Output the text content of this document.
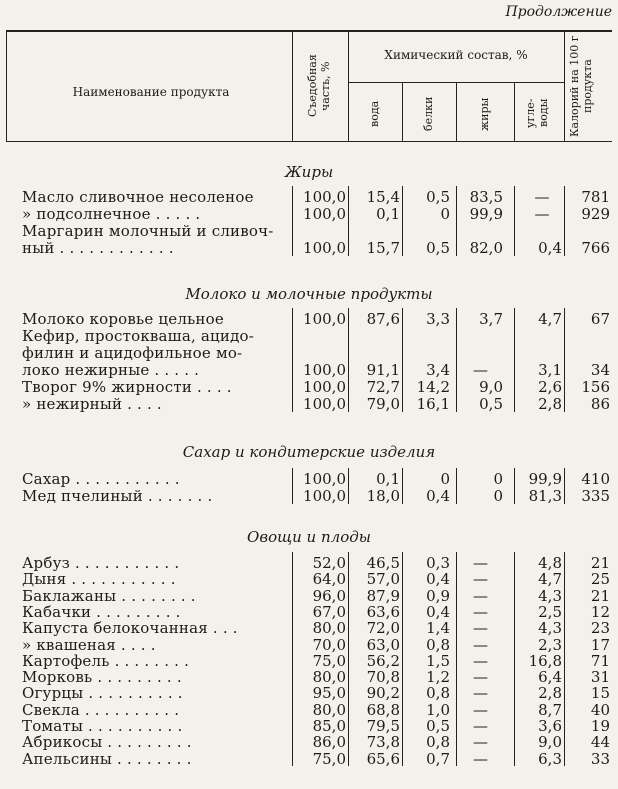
Продолжение
Наименование продукта	Съедобная часть, %
Химический состав, %
вода	белки	жиры	угле-воды	Калорий на 100 г продукта
Жиры
Масло сливочное несоленое	100,0	15,4	0,5	83,5	—	781
» подсолнечное . . . . .	100,0	0,1	0	99,9	—	929
Маргарин молочный и сливоч-
ный . . . . . . . . . . . .	100,0	15,7	0,5	82,0	0,4	766
Молоко и молочные продукты
Молоко коровье цельное	100,0	87,6	3,3	3,7	4,7	67
Кефир, простокваша, ацидо-
филин и ацидофильное мо-
локо нежирные . . . . .	100,0	91,1	3,4	—	3,1	34
Творог 9% жирности . . . .	100,0	72,7	14,2	9,0	2,6	156
» нежирный . . . .	100,0	79,0	16,1	0,5	2,8	86
Сахар и кондитерские изделия
Сахар . . . . . . . . . . .	100,0	0,1	0	0	99,9	410
Мед пчелиный . . . . . . .	100,0	18,0	0,4	0	81,3	335
Овощи и плоды
Арбуз . . . . . . . . . . .	52,0	46,5	0,3	—	4,8	21
Дыня . . . . . . . . . . .	64,0	57,0	0,4	—	4,7	25
Баклажаны . . . . . . . .	96,0	87,9	0,9	—	4,3	21
Кабачки . . . . . . . . .	67,0	63,6	0,4	—	2,5	12
Капуста белокочанная . . .	80,0	72,0	1,4	—	4,3	23
» квашеная . . . .	70,0	63,0	0,8	—	2,3	17
Картофель . . . . . . . .	75,0	56,2	1,5	—	16,8	71
Морковь . . . . . . . . .	80,0	70,8	1,2	—	6,4	31
Огурцы . . . . . . . . . .	95,0	90,2	0,8	—	2,8	15
Свекла . . . . . . . . . .	80,0	68,8	1,0	—	8,7	40
Томаты . . . . . . . . . .	85,0	79,5	0,5	—	3,6	19
Абрикосы . . . . . . . . .	86,0	73,8	0,8	—	9,0	44
Апельсины . . . . . . . .	75,0	65,6	0,7	—	6,3	33
